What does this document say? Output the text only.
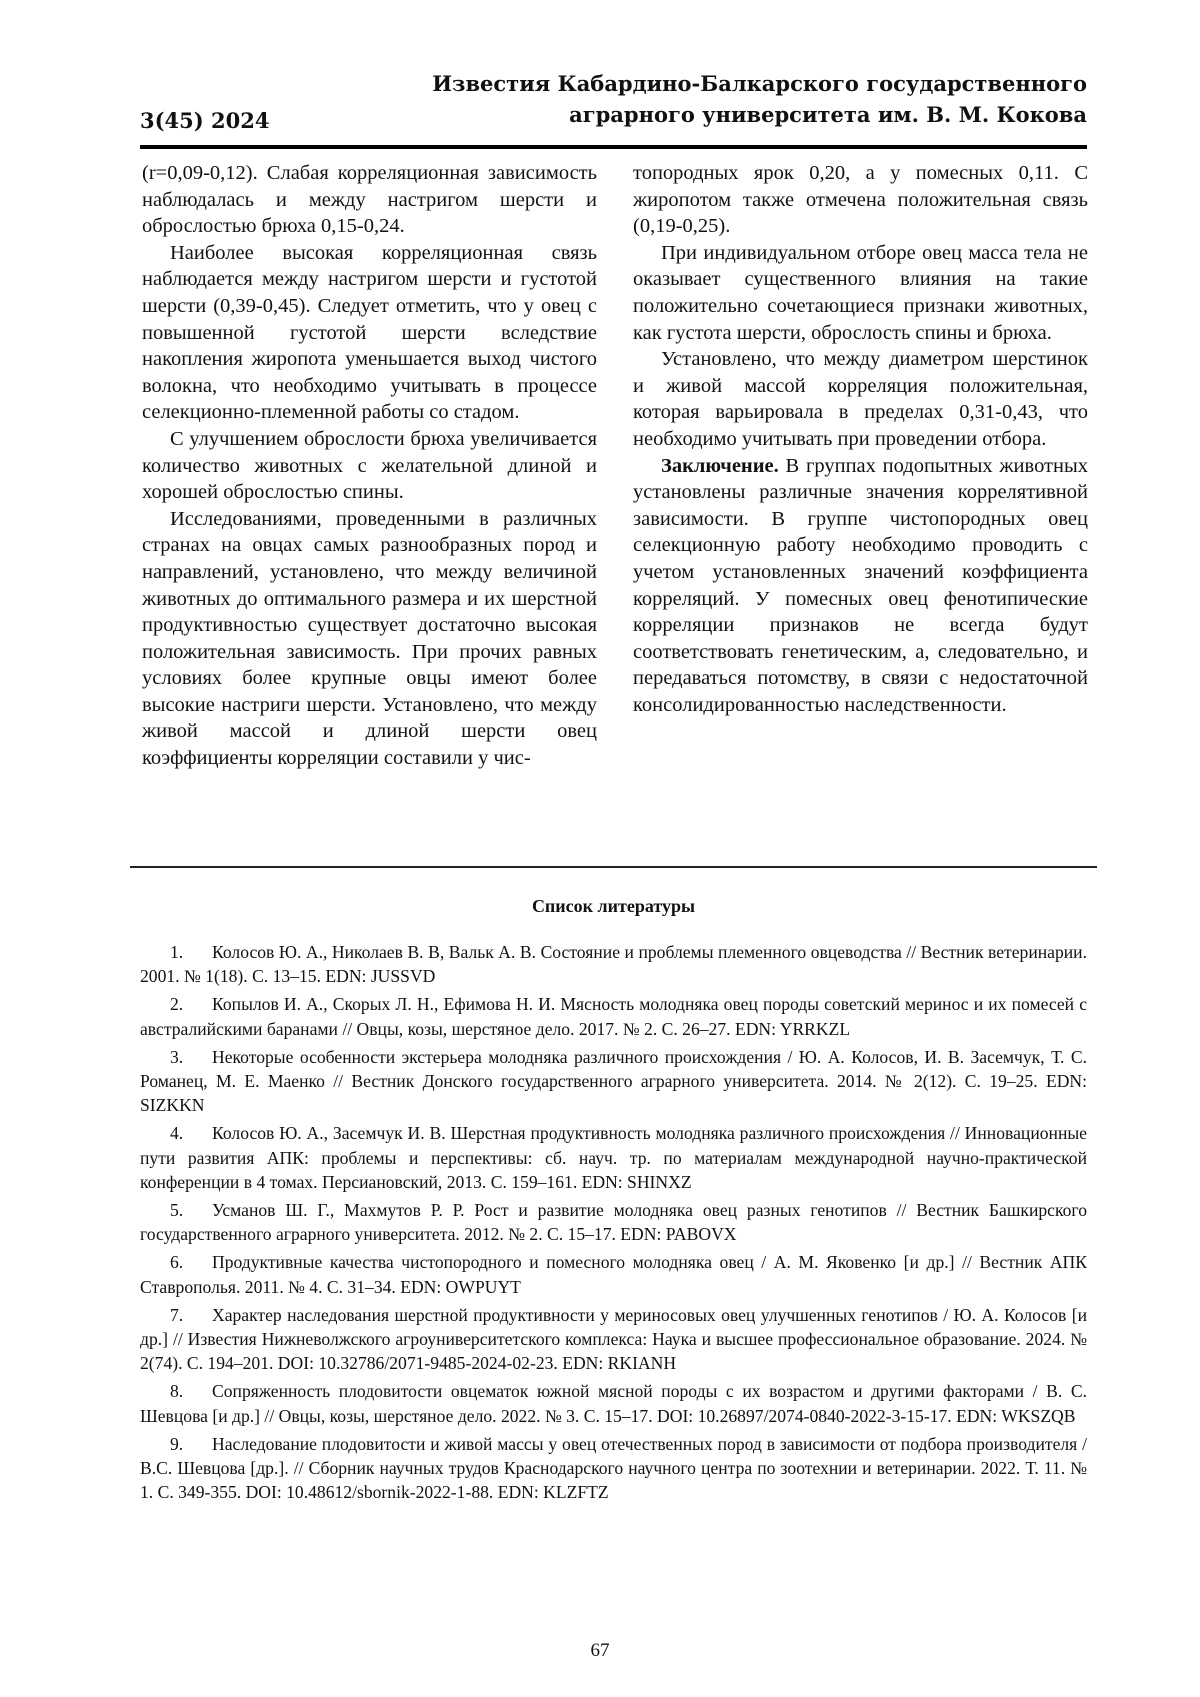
Известия Кабардино-Балкарского государственного
аграрного университета им. В. М. Кокова
3(45) 2024

(r=0,09-0,12). Слабая корреляционная зависимость наблюдалась и между настригом шерсти и оброслостью брюха 0,15-0,24.

Наиболее высокая корреляционная связь наблюдается между настригом шерсти и густотой шерсти (0,39-0,45). Следует отметить, что у овец с повышенной густотой шерсти вследствие накопления жиропота уменьшается выход чистого волокна, что необходимо учитывать в процессе селекционно-племенной работы со стадом.

С улучшением оброслости брюха увеличивается количество животных с желательной длиной и хорошей оброслостью спины.

Исследованиями, проведенными в различных странах на овцах самых разнообразных пород и направлений, установлено, что между величиной животных до оптимального размера и их шерстной продуктивностью существует достаточно высокая положительная зависимость. При прочих равных условиях более крупные овцы имеют более высокие настриги шерсти. Установлено, что между живой массой и длиной шерсти овец коэффициенты корреляции составили у чис-

топородных ярок 0,20, а у помесных 0,11. С жиропотом также отмечена положительная связь (0,19-0,25).

При индивидуальном отборе овец масса тела не оказывает существенного влияния на такие положительно сочетающиеся признаки животных, как густота шерсти, оброслость спины и брюха.

Установлено, что между диаметром шерстинок и живой массой корреляция положительная, которая варьировала в пределах 0,31-0,43, что необходимо учитывать при проведении отбора.

Заключение. В группах подопытных животных установлены различные значения коррелятивной зависимости. В группе чистопородных овец селекционную работу необходимо проводить с учетом установленных значений коэффициента корреляций. У помесных овец фенотипические корреляции признаков не всегда будут соответствовать генетическим, а, следовательно, и передаваться потомству, в связи с недостаточной консолидированностью наследственности.

Список литературы

1. Колосов Ю. А., Николаев В. В, Вальк А. В. Состояние и проблемы племенного овцеводства // Вестник ветеринарии. 2001. № 1(18). С. 13–15. EDN: JUSSVD

2. Копылов И. А., Скорых Л. Н., Ефимова Н. И. Мясность молодняка овец породы советский меринос и их помесей с австралийскими баранами // Овцы, козы, шерстяное дело. 2017. № 2. С. 26–27. EDN: YRRKZL

3. Некоторые особенности экстерьера молодняка различного происхождения / Ю. А. Колосов, И. В. Засемчук, Т. С. Романец, М. Е. Маенко // Вестник Донского государственного аграрного университета. 2014. № 2(12). С. 19–25. EDN: SIZKKN

4. Колосов Ю. А., Засемчук И. В. Шерстная продуктивность молодняка различного происхождения // Инновационные пути развития АПК: проблемы и перспективы: сб. науч. тр. по материалам международной научно-практической конференции в 4 томах. Персиановский, 2013. С. 159–161. EDN: SHINXZ

5. Усманов Ш. Г., Махмутов Р. Р. Рост и развитие молодняка овец разных генотипов // Вестник Башкирского государственного аграрного университета. 2012. № 2. С. 15–17. EDN: PABOVX

6. Продуктивные качества чистопородного и помесного молодняка овец / А. М. Яковенко [и др.] // Вестник АПК Ставрополья. 2011. № 4. С. 31–34. EDN: OWPUYT

7. Характер наследования шерстной продуктивности у мериносовых овец улучшенных генотипов / Ю. А. Колосов [и др.] // Известия Нижневолжского агроуниверситетского комплекса: Наука и высшее профессиональное образование. 2024. № 2(74). С. 194–201. DOI: 10.32786/2071-9485-2024-02-23. EDN: RKIANH

8. Сопряженность плодовитости овцематок южной мясной породы с их возрастом и другими факторами / В. С. Шевцова [и др.] // Овцы, козы, шерстяное дело. 2022. № 3. С. 15–17. DOI: 10.26897/2074-0840-2022-3-15-17. EDN: WKSZQB

9. Наследование плодовитости и живой массы у овец отечественных пород в зависимости от подбора производителя / В.С. Шевцова [др.]. // Сборник научных трудов Краснодарского научного центра по зоотехнии и ветеринарии. 2022. Т. 11. № 1. С. 349-355. DOI: 10.48612/sbornik-2022-1-88. EDN: KLZFTZ

67
